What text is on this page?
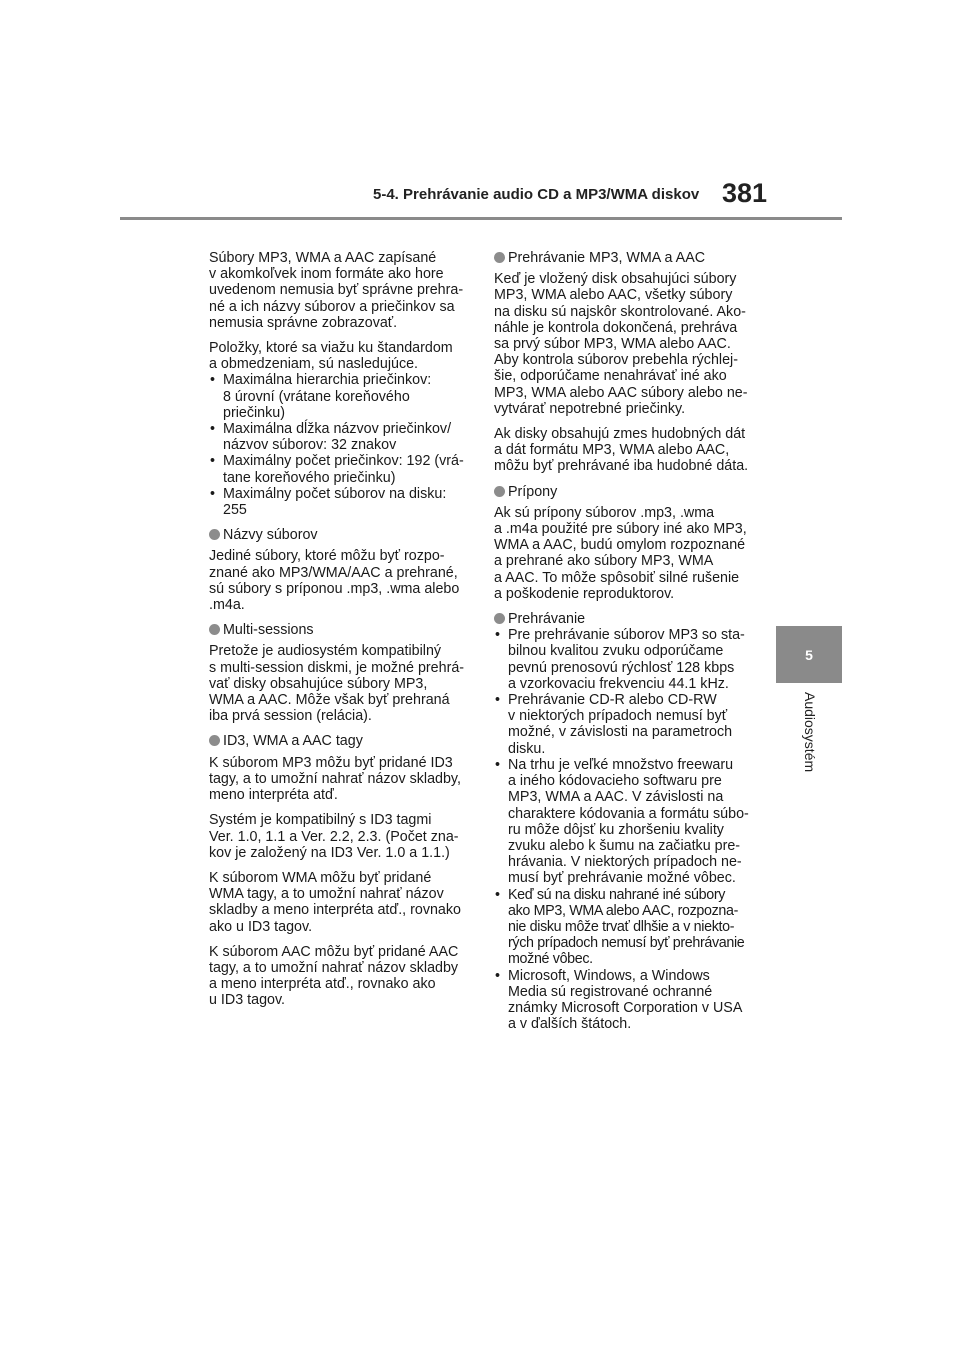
5-4. Prehrávanie audio CD a MP3/WMA diskov 381
5
Audiosystém

Súbory MP3, WMA a AAC zapísané
v akomkoľvek inom formáte ako hore
uvedenom nemusia byť správne prehra-
né a ich názvy súborov a priečinkov sa
nemusia správne zobrazovať.

Položky, ktoré sa viažu ku štandardom
a obmedzeniam, sú nasledujúce.

• Maximálna hierarchia priečinkov:
8 úrovní (vrátane koreňového priečinku)
• Maximálna dĺžka názvov priečinkov/
názvov súborov: 32 znakov
• Maximálny počet priečinkov: 192 (vrá-
tane koreňového priečinku)
• Maximálny počet súborov na disku:
255
Názvy súborov

Jediné súbory, ktoré môžu byť rozpo-
znané ako MP3/WMA/AAC a prehrané,
sú súbory s príponou .mp3, .wma alebo
.m4a.

Multi-sessions

Pretože je audiosystém kompatibilný
s multi-session diskmi, je možné prehrá-
vať disky obsahujúce súbory MP3,
WMA a AAC. Môže však byť prehraná
iba prvá session (relácia).

ID3, WMA a AAC tagy

K súborom MP3 môžu byť pridané ID3
tagy, a to umožní nahrať názov skladby,
meno interpréta atď.

Systém je kompatibilný s ID3 tagmi
Ver. 1.0, 1.1 a Ver. 2.2, 2.3. (Počet zna-
kov je založený na ID3 Ver. 1.0 a 1.1.)

K súborom WMA môžu byť pridané
WMA tagy, a to umožní nahrať názov
skladby a meno interpréta atď., rovnako
ako u ID3 tagov.

K súborom AAC môžu byť pridané AAC
tagy, a to umožní nahrať názov skladby
a meno interpréta atď., rovnako ako
u ID3 tagov.

Prehrávanie MP3, WMA a AAC

Keď je vložený disk obsahujúci súbory
MP3, WMA alebo AAC, všetky súbory
na disku sú najskôr skontrolované. Ako-
náhle je kontrola dokončená, prehráva
sa prvý súbor MP3, WMA alebo AAC.
Aby kontrola súborov prebehla rýchlej-
šie, odporúčame nenahrávať iné ako
MP3, WMA alebo AAC súbory alebo ne-
vytvárať nepotrebné priečinky.

Ak disky obsahujú zmes hudobných dát
a dát formátu MP3, WMA alebo AAC,
môžu byť prehrávané iba hudobné dáta.

Prípony

Ak sú prípony súborov .mp3, .wma
a .m4a použité pre súbory iné ako MP3,
WMA a AAC, budú omylom rozpoznané
a prehrané ako súbory MP3, WMA
a AAC. To môže spôsobiť silné rušenie
a poškodenie reproduktorov.

Prehrávanie
• Pre prehrávanie súborov MP3 so sta-
bilnou kvalitou zvuku odporúčame
pevnú prenosovú rýchlosť 128 kbps
a vzorkovaciu frekvenciu 44.1 kHz.
• Prehrávanie CD-R alebo CD-RW
v niektorých prípadoch nemusí byť
možné, v závislosti na parametroch
disku.
• Na trhu je veľké množstvo freewaru
a iného kódovacieho softwaru pre
MP3, WMA a AAC. V závislosti na
charaktere kódovania a formátu súbo-
ru môže dôjsť ku zhoršeniu kvality
zvuku alebo k šumu na začiatku pre-
hrávania. V niektorých prípadoch ne-
musí byť prehrávanie možné vôbec.
• Keď sú na disku nahrané iné súbory
ako MP3, WMA alebo AAC, rozpozna-
nie disku môže trvať dlhšie a v niekto-
rých prípadoch nemusí byť prehrávanie
možné vôbec.
• Microsoft, Windows, a Windows
Media sú registrované ochranné
známky Microsoft Corporation v USA
a v ďalších štátoch.
